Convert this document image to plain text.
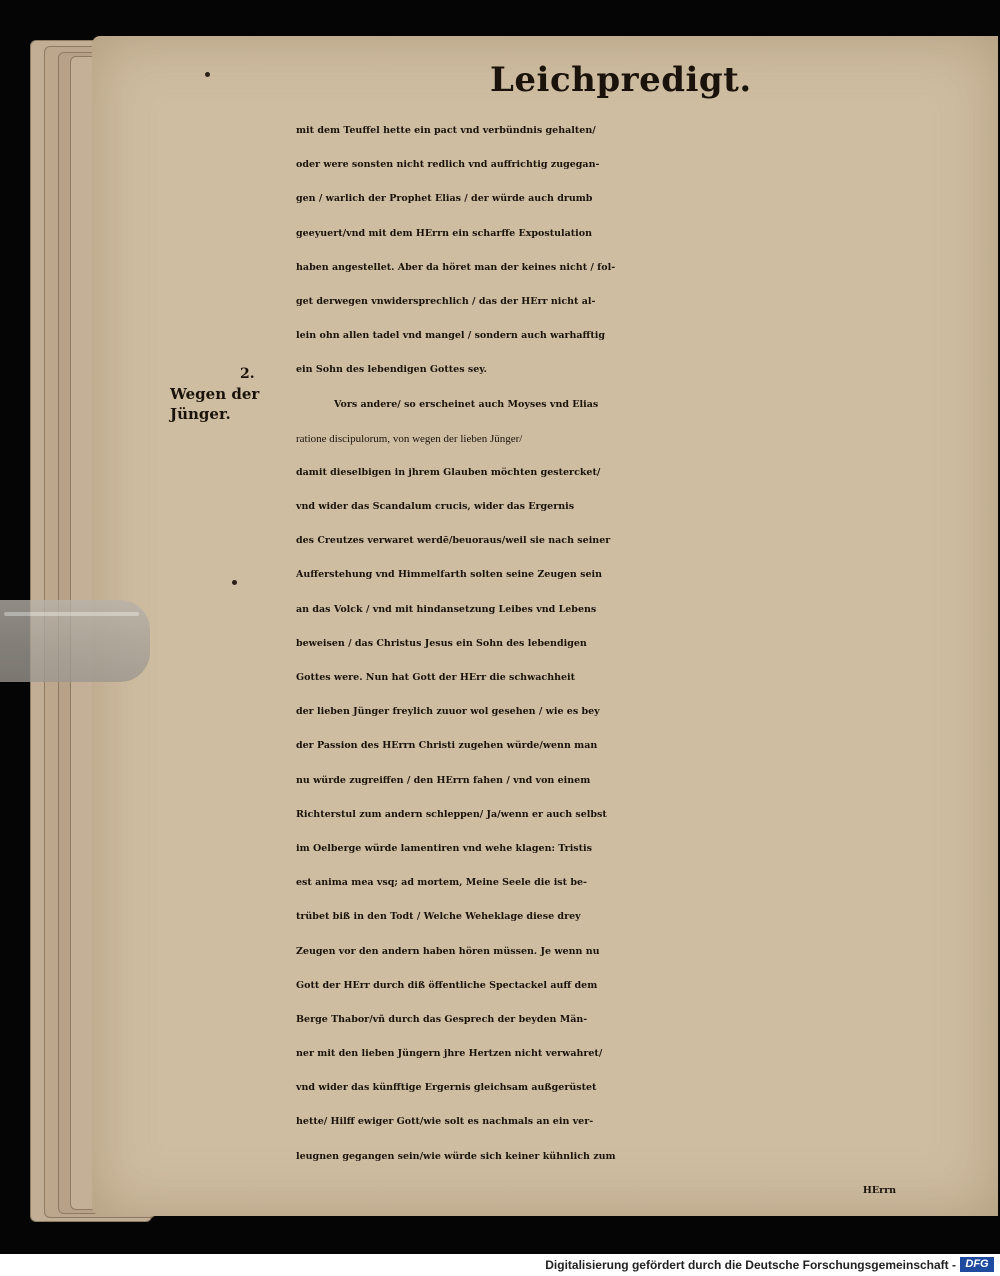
Leichpredigt.
2.
Wegen der
Jünger.
mit dem Teuffel hette ein pact vnd verbündnis gehalten/
oder were sonsten nicht redlich vnd auffrichtig zugegan-
gen / warlich der Prophet Elias / der würde auch drumb
geeyuert/vnd mit dem HErrn ein scharffe Expostulation
haben angestellet. Aber da höret man der keines nicht / fol-
get derwegen vnwidersprechlich / das der HErr nicht al-
lein ohn allen tadel vnd mangel / sondern auch warhafftig
ein Sohn des lebendigen Gottes sey.
Vors andere/ so erscheinet auch Moyses vnd Elias
ratione discipulorum, von wegen der lieben Jünger/
damit dieselbigen in jhrem Glauben möchten gestercket/
vnd wider das Scandalum crucis, wider das Ergernis
des Creutzes verwaret werdē/beuoraus/weil sie nach seiner
Aufferstehung vnd Himmelfarth solten seine Zeugen sein
an das Volck / vnd mit hindansetzung Leibes vnd Lebens
beweisen / das Christus Jesus ein Sohn des lebendigen
Gottes were. Nun hat Gott der HErr die schwachheit
der lieben Jünger freylich zuuor wol gesehen / wie es bey
der Passion des HErrn Christi zugehen würde/wenn man
nu würde zugreiffen / den HErrn fahen / vnd von einem
Richterstul zum andern schleppen/ Ja/wenn er auch selbst
im Oelberge würde lamentiren vnd wehe klagen: Tristis
est anima mea vsq; ad mortem, Meine Seele die ist be-
trübet biß in den Todt / Welche Weheklage diese drey
Zeugen vor den andern haben hören müssen. Je wenn nu
Gott der HErr durch diß öffentliche Spectackel auff dem
Berge Thabor/vñ durch das Gesprech der beyden Män-
ner mit den lieben Jüngern jhre Hertzen nicht verwahret/
vnd wider das künfftige Ergernis gleichsam außgerüstet
hette/ Hilff ewiger Gott/wie solt es nachmals an ein ver-
leugnen gegangen sein/wie würde sich keiner kühnlich zum
HErrn
Digitalisierung gefördert durch die Deutsche Forschungsgemeinschaft - DFG
